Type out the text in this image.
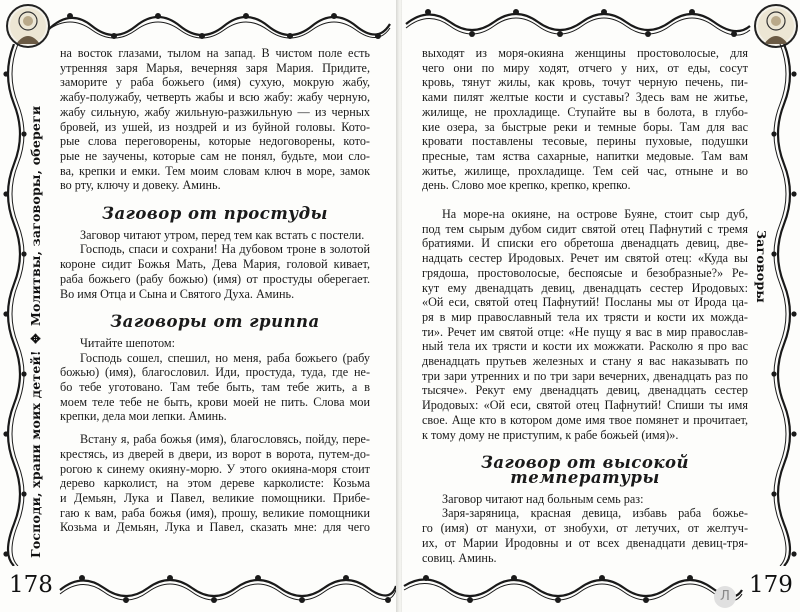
Господи, храни моих детей! ✥ Молитвы, заговоры, обереги
178
на восток глазами, тылом на запад. В чистом поле есть
утренняя заря Марья, вечерняя заря Мария. Придите,
заморите у раба божьего (имя) сухую, мокрую жабу,
жабу-полужабу, четверть жабы и всю жабу: жабу черную,
жабу сильную, жабу жильную-разжильную — из черных
бровей, из ушей, из ноздрей и из буйной головы. Кото-
рые слова переговорены, которые недоговорены, кото-
рые не заучены, которые сам не понял, будьте, мои сло-
ва, крепки и емки. Тем моим словам ключ в море, замок
во рту, ключу и довеку. Аминь.
Заговор от простуды
Заговор читают утром, перед тем как встать с постели.
Господь, спаси и сохрани! На дубовом троне в золотой
короне сидит Божья Мать, Дева Мария, головой кивает,
раба божьего (рабу божью) (имя) от простуды оберегает.
Во имя Отца и Сына и Святого Духа. Аминь.
Заговоры от гриппа
Читайте шепотом:
Господь сошел, спешил, но меня, раба божьего (рабу
божью) (имя), благословил. Иди, простуда, туда, где не-
бо тебе уготовано. Там тебе быть, там тебе жить, а в
моем теле тебе не быть, крови моей не пить. Слова мои
крепки, дела мои лепки. Аминь.
Встану я, раба божья (имя), благословясь, пойду, пере-
крестясь, из дверей в двери, из ворот в ворота, путем-до-
рогою к синему окияну-морю. У этого окияна-моря стоит
дерево карколист, на этом дереве карколисте: Козьма
и Демьян, Лука и Павел, великие помощники. Прибе-
гаю к вам, раба божья (имя), прошу, великие помощники
Козьма и Демьян, Лука и Павел, сказать мне: для чего
Заговоры
179
Л
выходят из моря-окияна женщины простоволосые, для
чего они по миру ходят, отчего у них, от еды, сосут
кровь, тянут жилы, как кровь, точут черную печень, пи-
ками пилят желтые кости и суставы? Здесь вам не житье,
жилище, не прохладище. Ступайте вы в болота, в глубо-
кие озера, за быстрые реки и темные боры. Там для вас
кровати поставлены тесовые, перины пуховые, подушки
пресные, там яства сахарные, напитки медовые. Там вам
житье, жилище, прохладище. Тем сей час, отныне и во
день. Слово мое крепко, крепко, крепко.
На море-на окияне, на острове Буяне, стоит сыр дуб,
под тем сырым дубом сидит святой отец Пафнутий с тремя
братиями. И списки его обретоша двенадцать девиц, две-
надцать сестер Иродовых. Речет им святой отец: «Куда вы
грядоша, простоволосые, беспоясые и безобразные?» Ре-
кут ему двенадцать девиц, двенадцать сестер Иродовых:
«Ой еси, святой отец Пафнутий! Посланы мы от Ирода ца-
ря в мир православный тела их трясти и кости их можда-
ти». Речет им святой отце: «Не пущу я вас в мир православ-
ный тела их трясти и кости их можжати. Расколю я про вас
двенадцать прутьев железных и стану я вас наказывать по
три зари утренних и по три зари вечерних, двенадцать раз по
тысяче». Рекут ему двенадцать девиц, двенадцать сестер
Иродовых: «Ой еси, святой отец Пафнутий! Спиши ты имя
свое. Аще кто в котором доме имя твое помянет и прочитает,
к тому дому не приступим, к рабе божьей (имя)».
Заговор от высокой температуры
Заговор читают над больным семь раз:
Заря-заряница, красная девица, избавь раба божье-
го (имя) от манухи, от знобухи, от летучих, от желтуч-
их, от Марии Иродовны и от всех двенадцати девиц-тря-
совиц. Аминь.
